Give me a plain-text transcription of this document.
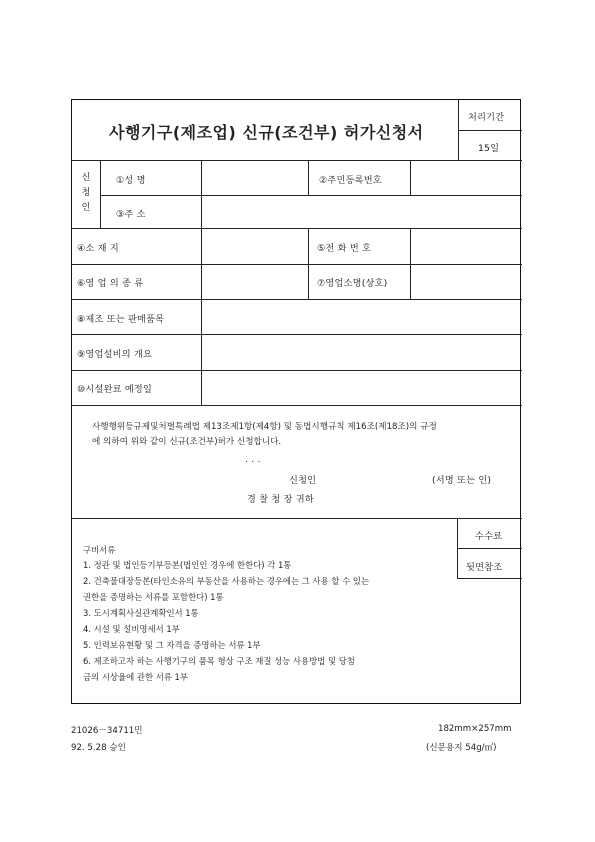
사행기구(제조업) 신규(조건부) 허가신청서
처리기간
15일
신
청
인
①성 명	②주민등록번호
③주 소
④소 재 지	⑤전 화 번 호
⑥영 업 의 종 류	⑦영업소명(상호)
⑧제조 또는 판매품목
⑨영업설비의 개요
⑩시설완료 예정일
사행행위등규제및처벌특례법 제13조제1항(제4항) 및 동법시행규칙 제16조(제18조)의 규정
에 의하여 위와 같이 신규(조건부)허가 신청합니다.
. . .
신청인	(서명 또는 인)
경 찰 청 장 귀하
수수료
뒷면참조
구비서류
1. 정관 및 법인등기부등본(법인인 경우에 한한다) 각 1통
2. 건축물대장등본(타인소유의 부동산을 사용하는 경우에는 그 사용 할 수 있는
권한을 증명하는 서류를 포함한다) 1통
3. 도시계획사실관계확인서 1통
4. 시설 및 설비명세서 1부
5. 인력보유현황 및 그 자격을 증명하는 서류 1부
6. 제조하고자 하는 사행기구의 품목 형상 구조 재질 성능 사용방법 및 당첨
금의 시상율에 관한 서류 1부
21026－34711민
92. 5.28 승인
182mm×257mm
(신문용지 54g/㎡)
